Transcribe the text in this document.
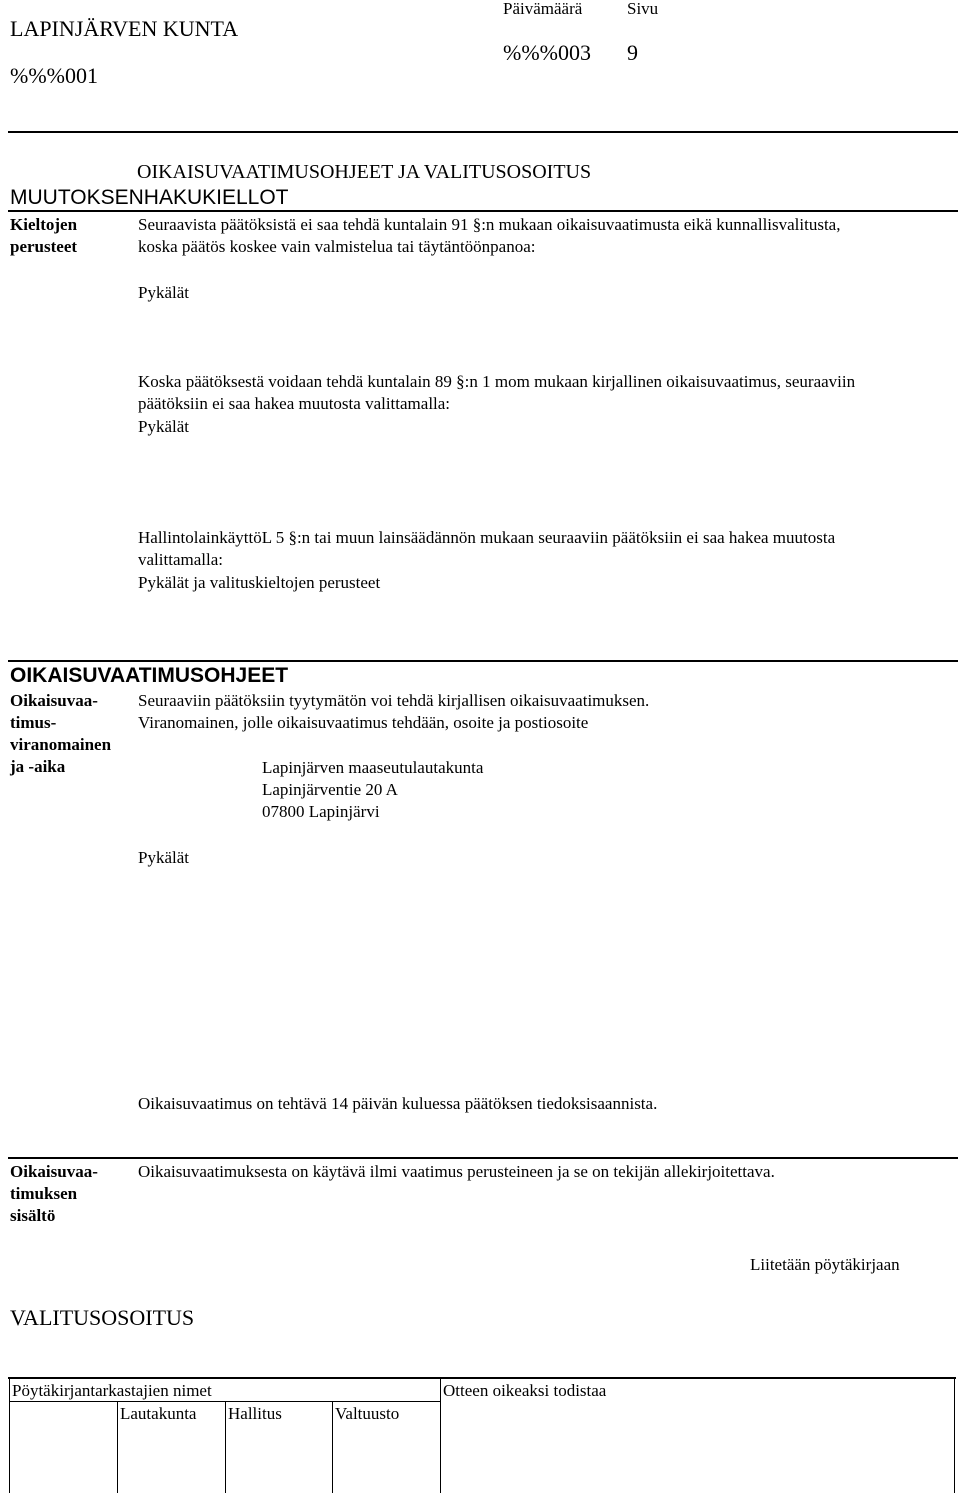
LAPINJÄRVEN KUNTA
%%%001
Päivämäärä
%%%003
Sivu
9
OIKAISUVAATIMUSOHJEET JA VALITUSOSOITUS
MUUTOKSENHAKUKIELLOT
Kieltojen
perusteet
Seuraavista päätöksistä ei saa tehdä kuntalain 91 §:n mukaan oikaisuvaatimusta eikä kunnallisvalitusta,
koska päätös koskee vain valmistelua tai täytäntöönpanoa:
Pykälät
Koska päätöksestä voidaan tehdä kuntalain 89 §:n 1 mom mukaan kirjallinen oikaisuvaatimus, seuraaviin
päätöksiin ei saa hakea muutosta valittamalla:
Pykälät
HallintolainkäyttöL 5 §:n tai muun lainsäädännön mukaan seuraaviin päätöksiin ei saa hakea muutosta
valittamalla:
Pykälät ja valituskieltojen perusteet
OIKAISUVAATIMUSOHJEET
Oikaisuvaa-
timus-
viranomainen
ja -aika
Seuraaviin päätöksiin tyytymätön voi tehdä kirjallisen oikaisuvaatimuksen.
Viranomainen, jolle oikaisuvaatimus tehdään, osoite ja postiosoite
Lapinjärven maaseutulautakunta
Lapinjärventie 20 A
07800 Lapinjärvi
Pykälät
Oikaisuvaatimus on tehtävä 14 päivän kuluessa päätöksen tiedoksisaannista.
Oikaisuvaa-
timuksen
sisältö
Oikaisuvaatimuksesta on käytävä ilmi vaatimus perusteineen ja se on tekijän allekirjoitettava.
Liitetään pöytäkirjaan
VALITUSOSOITUS
Pöytäkirjantarkastajien nimet	Otteen oikeaksi todistaa
Lautakunta Hallitus	Valtuusto
